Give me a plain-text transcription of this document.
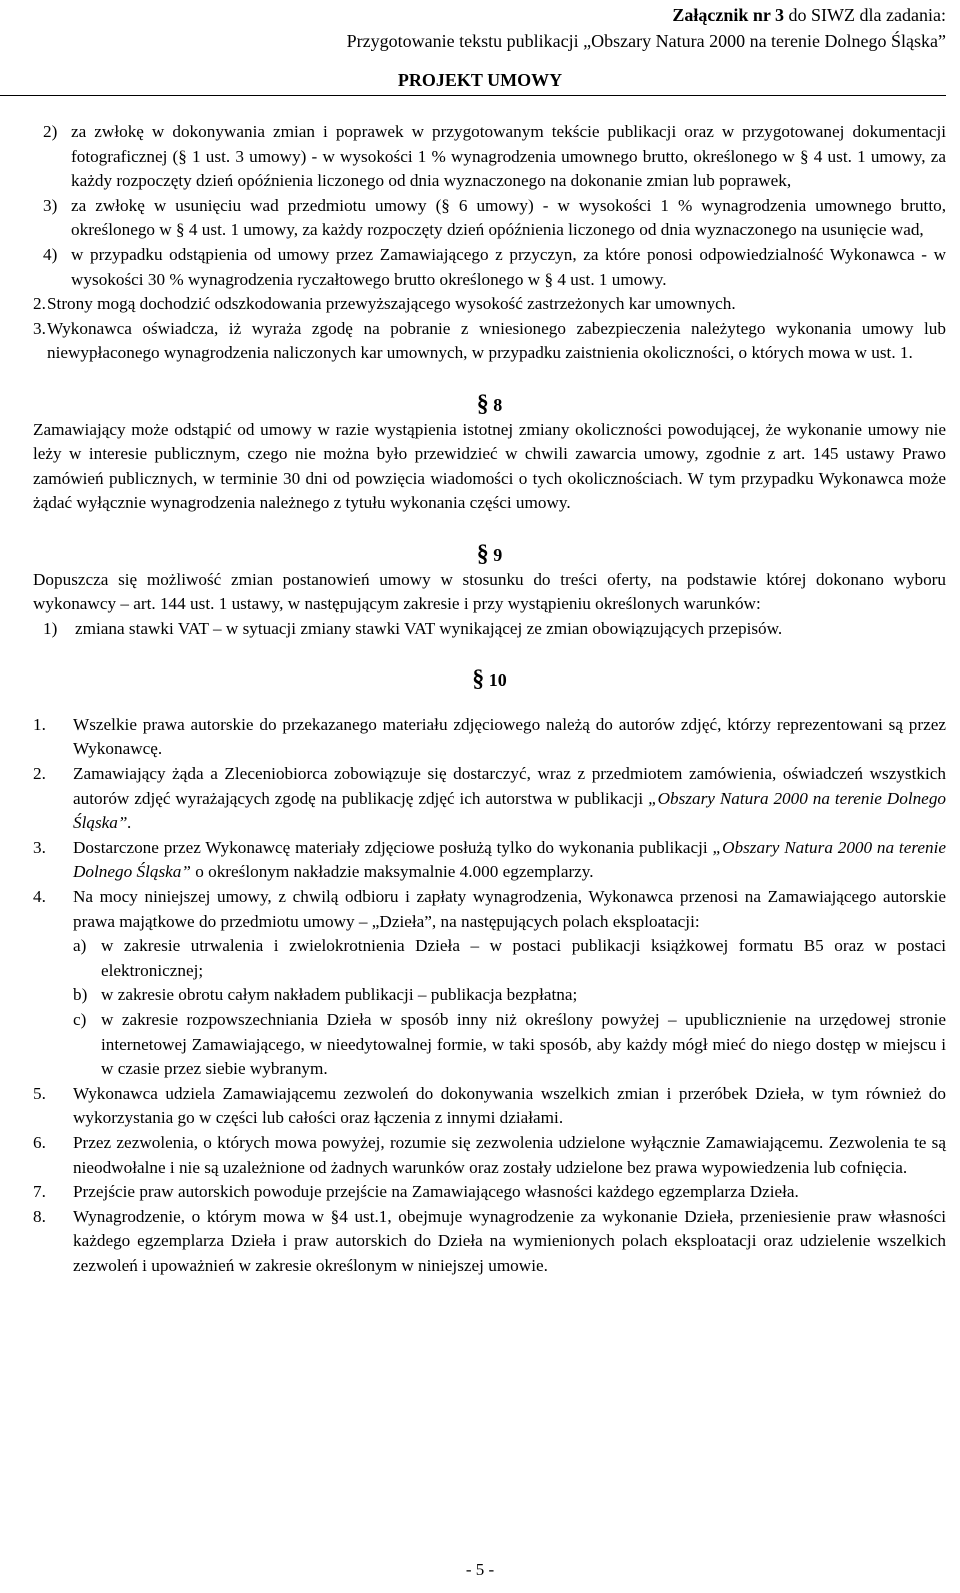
Załącznik nr 3 do SIWZ dla zadania:
Przygotowanie tekstu publikacji „Obszary Natura 2000 na terenie Dolnego Śląska”
PROJEKT UMOWY
2) za zwłokę w dokonywania zmian i poprawek w przygotowanym tekście publikacji oraz w przygotowanej dokumentacji fotograficznej (§ 1 ust. 3 umowy) - w wysokości 1 % wynagrodzenia umownego brutto, określonego w § 4 ust. 1 umowy, za każdy rozpoczęty dzień opóźnienia liczonego od dnia wyznaczonego na dokonanie zmian lub poprawek,
3) za zwłokę w usunięciu wad przedmiotu umowy (§ 6 umowy) - w wysokości 1 % wynagrodzenia umownego brutto, określonego w § 4 ust. 1 umowy, za każdy rozpoczęty dzień opóźnienia liczonego od dnia wyznaczonego na usunięcie wad,
4) w przypadku odstąpienia od umowy przez Zamawiającego z przyczyn, za które ponosi odpowiedzialność Wykonawca - w wysokości 30 % wynagrodzenia ryczałtowego brutto określonego w § 4 ust. 1 umowy.
2. Strony mogą dochodzić odszkodowania przewyższającego wysokość zastrzeżonych kar umownych.
3. Wykonawca oświadcza, iż wyraża zgodę na pobranie z wniesionego zabezpieczenia należytego wykonania umowy lub niewypłaconego wynagrodzenia naliczonych kar umownych, w przypadku zaistnienia okoliczności, o których mowa w ust. 1.

§ 8

Zamawiający może odstąpić od umowy w razie wystąpienia istotnej zmiany okoliczności powodującej, że wykonanie umowy nie leży w interesie publicznym, czego nie można było przewidzieć w chwili zawarcia umowy, zgodnie z art. 145 ustawy Prawo zamówień publicznych, w terminie 30 dni od powzięcia wiadomości o tych okolicznościach. W tym przypadku Wykonawca może żądać wyłącznie wynagrodzenia należnego z tytułu wykonania części umowy.

§ 9

Dopuszcza się możliwość zmian postanowień umowy w stosunku do treści oferty, na podstawie której dokonano wyboru wykonawcy – art. 144 ust. 1 ustawy, w następującym zakresie i przy wystąpieniu określonych warunków:

1)	zmiana stawki VAT – w sytuacji zmiany stawki VAT wynikającej ze zmian obowiązujących przepisów.

§ 10

1.	Wszelkie prawa autorskie do przekazanego materiału zdjęciowego należą do autorów zdjęć, którzy reprezentowani są przez Wykonawcę.
2.	Zamawiający żąda a Zleceniobiorca zobowiązuje się dostarczyć, wraz z przedmiotem zamówienia, oświadczeń wszystkich autorów zdjęć wyrażających zgodę na publikację zdjęć ich autorstwa w publikacji „Obszary Natura 2000 na terenie Dolnego Śląska”.
3.	Dostarczone przez Wykonawcę materiały zdjęciowe posłużą tylko do wykonania publikacji „Obszary Natura 2000 na terenie Dolnego Śląska” o określonym nakładzie maksymalnie 4.000 egzemplarzy.
4.	Na mocy niniejszej umowy, z chwilą odbioru i zapłaty wynagrodzenia, Wykonawca przenosi na Zamawiającego autorskie prawa majątkowe do przedmiotu umowy – „Dzieła”, na następujących polach eksploatacji:
a) w zakresie utrwalenia i zwielokrotnienia Dzieła – w postaci publikacji książkowej formatu B5 oraz w postaci elektronicznej;
b) w zakresie obrotu całym nakładem publikacji – publikacja bezpłatna;
c) w zakresie rozpowszechniania Dzieła w sposób inny niż określony powyżej – upublicznienie na urzędowej stronie internetowej Zamawiającego, w nieedytowalnej formie, w taki sposób, aby każdy mógł mieć do niego dostęp w miejscu i w czasie przez siebie wybranym.
5.	Wykonawca udziela Zamawiającemu zezwoleń do dokonywania wszelkich zmian i przeróbek Dzieła, w tym również do wykorzystania go w części lub całości oraz łączenia z innymi działami.
6.	Przez zezwolenia, o których mowa powyżej, rozumie się zezwolenia udzielone wyłącznie Zamawiającemu. Zezwolenia te są nieodwołalne i nie są uzależnione od żadnych warunków oraz zostały udzielone bez prawa wypowiedzenia lub cofnięcia.
7.	Przejście praw autorskich powoduje przejście na Zamawiającego własności każdego egzemplarza Dzieła.
8.	Wynagrodzenie, o którym mowa w §4 ust.1, obejmuje wynagrodzenie za wykonanie Dzieła, przeniesienie praw własności każdego egzemplarza Dzieła i praw autorskich do Dzieła na wymienionych polach eksploatacji oraz udzielenie wszelkich zezwoleń i upoważnień w zakresie określonym w niniejszej umowie.
- 5 -
